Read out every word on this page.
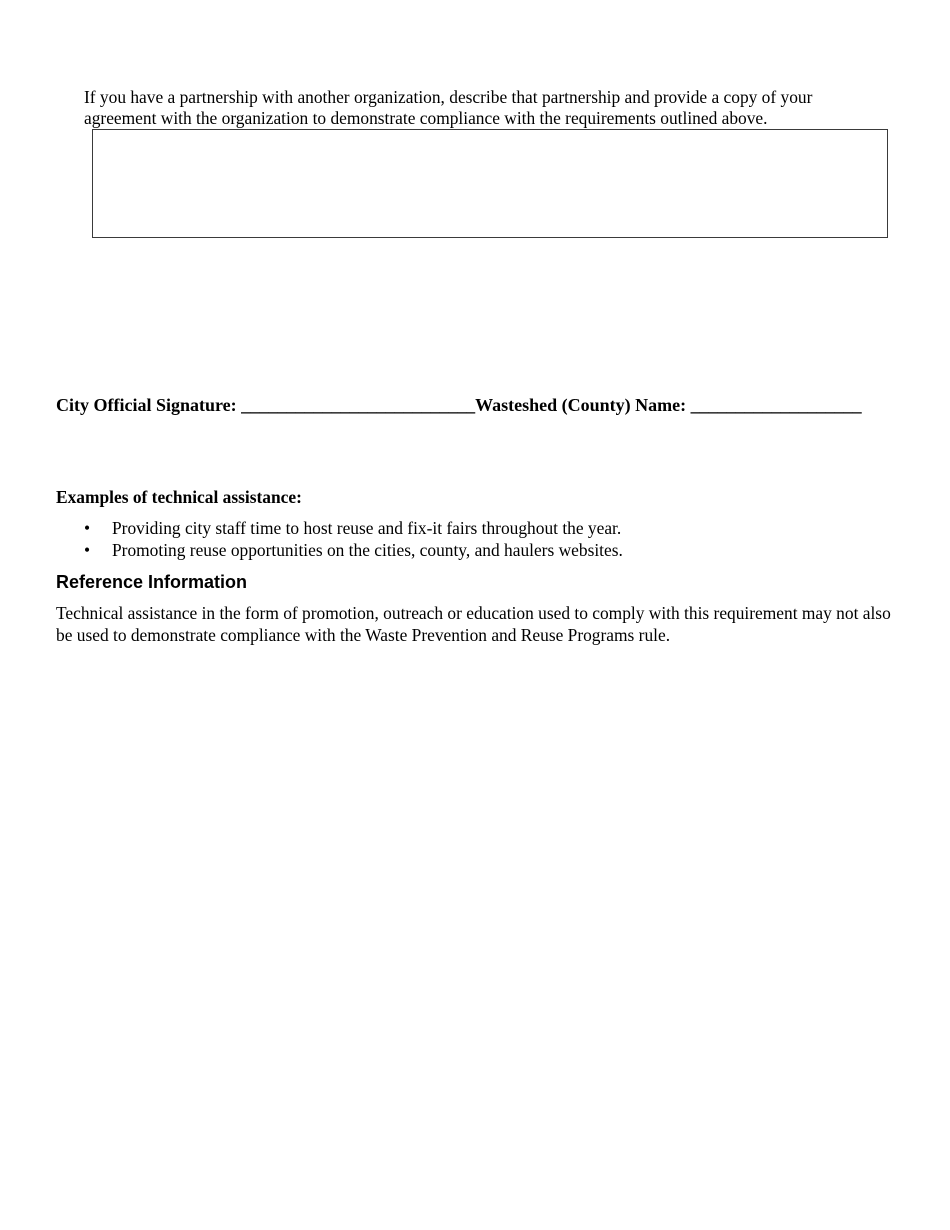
If you have a partnership with another organization, describe that partnership and provide a copy of your agreement with the organization to demonstrate compliance with the requirements outlined above.
City Official Signature: __________________________Wasteshed (County) Name: ___________________
Examples of technical assistance:
• Providing city staff time to host reuse and fix-it fairs throughout the year.
• Promoting reuse opportunities on the cities, county, and haulers websites.
Reference Information
Technical assistance in the form of promotion, outreach or education used to comply with this requirement may not also be used to demonstrate compliance with the Waste Prevention and Reuse Programs rule.
